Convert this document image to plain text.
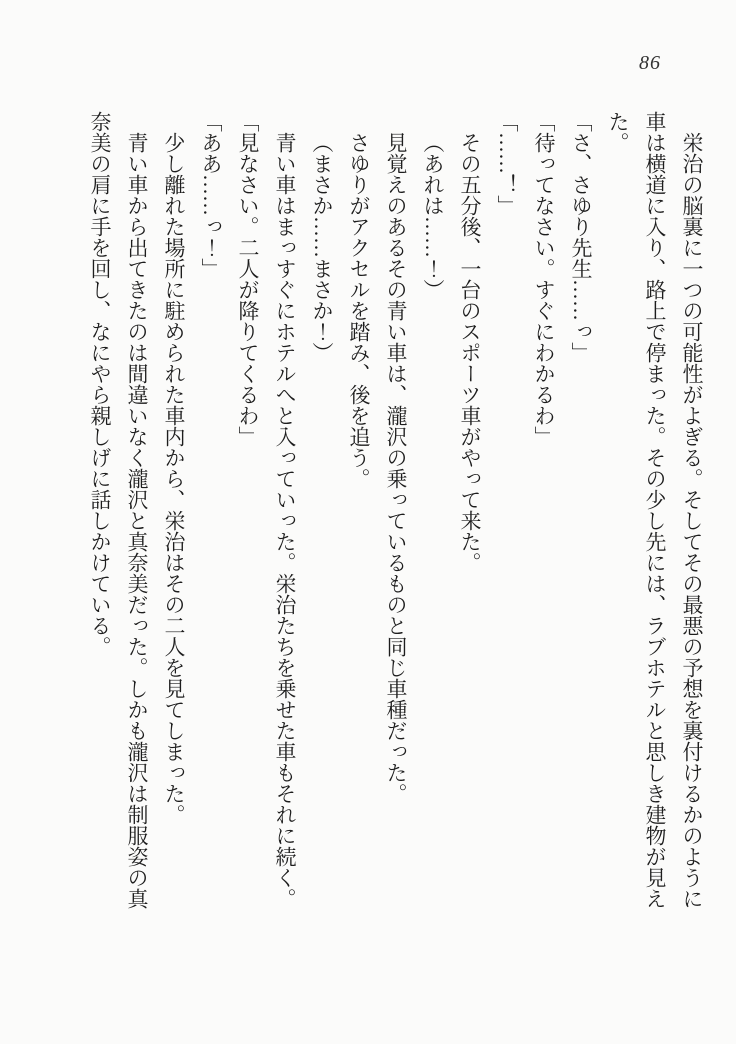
86

栄治の脳裏に一つの可能性がよぎる。そしてその最悪の予想を裏付けるかのように車は横道に入り、路上で停まった。その少し先には、ラブホテルと思しき建物が見えた。

「さ、さゆり先生……っ」

「待ってなさい。すぐにわかるわ」

「……！」

その五分後、一台のスポーツ車がやって来た。

（あれは……！）

見覚えのあるその青い車は、瀧沢の乗っているものと同じ車種だった。

さゆりがアクセルを踏み、後を追う。

（まさか……まさか！）

青い車はまっすぐにホテルへと入っていった。栄治たちを乗せた車もそれに続く。

「見なさい。二人が降りてくるわ」

「ああ……っ！」

少し離れた場所に駐められた車内から、栄治はその二人を見てしまった。

青い車から出てきたのは間違いなく瀧沢と真奈美だった。しかも瀧沢は制服姿の真奈美の肩に手を回し、なにやら親しげに話しかけている。
